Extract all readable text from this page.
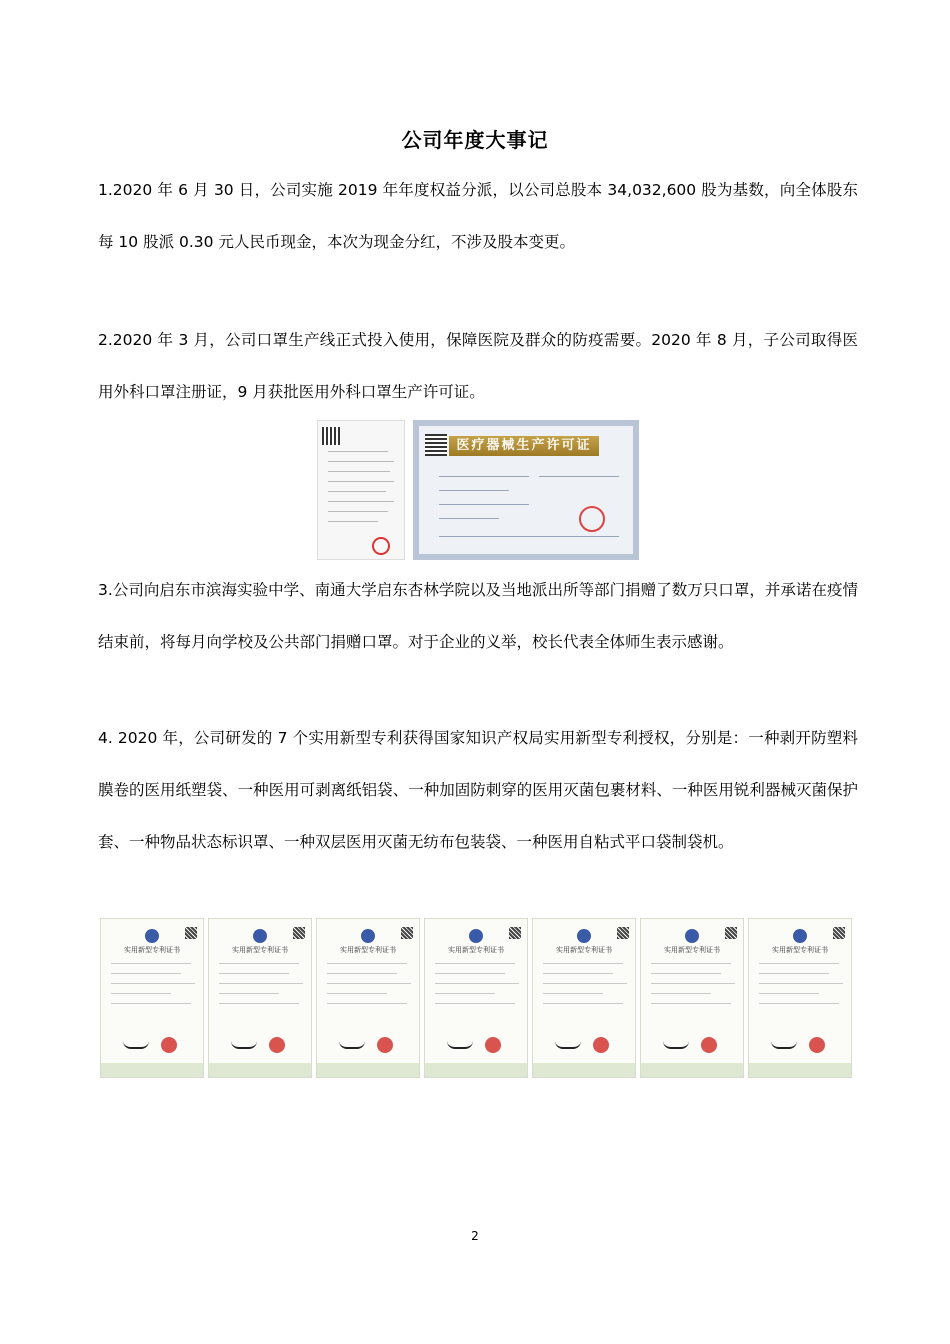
公司年度大事记

1.2020 年 6 月 30 日，公司实施 2019 年年度权益分派，以公司总股本 34,032,600 股为基数，向全体股东每 10 股派 0.30 元人民币现金，本次为现金分红，不涉及股本变更。

2.2020 年 3 月，公司口罩生产线正式投入使用，保障医院及群众的防疫需要。2020 年 8 月，子公司取得医用外科口罩注册证，9 月获批医用外科口罩生产许可证。

医疗器械生产许可证

3.公司向启东市滨海实验中学、南通大学启东杏林学院以及当地派出所等部门捐赠了数万只口罩，并承诺在疫情结束前，将每月向学校及公共部门捐赠口罩。对于企业的义举，校长代表全体师生表示感谢。

4. 2020 年，公司研发的 7 个实用新型专利获得国家知识产权局实用新型专利授权，分别是：一种剥开防塑料膜卷的医用纸塑袋、一种医用可剥离纸铝袋、一种加固防刺穿的医用灭菌包裹材料、一种医用锐利器械灭菌保护套、一种物品状态标识罩、一种双层医用灭菌无纺布包装袋、一种医用自粘式平口袋制袋机。

实用新型专利证书	实用新型专利证书	实用新型专利证书	实用新型专利证书	实用新型专利证书	实用新型专利证书	实用新型专利证书
2
